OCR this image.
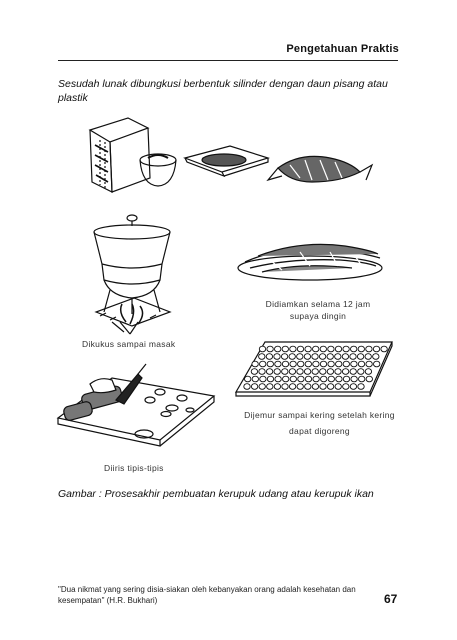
Pengetahuan Praktis
Sesudah lunak dibungkusi berbentuk silinder dengan daun pisang atau plastik
Didiamkan selama 12 jam supaya dingin
Dikukus sampai masak
Dijemur sampai kering setelah kering dapat digoreng
Diiris tipis-tipis
Gambar : Prosesakhir pembuatan kerupuk udang atau kerupuk ikan
"Dua nikmat yang sering disia-siakan oleh kebanyakan orang adalah kesehatan dan kesempatan" (H.R. Bukhari)	67
